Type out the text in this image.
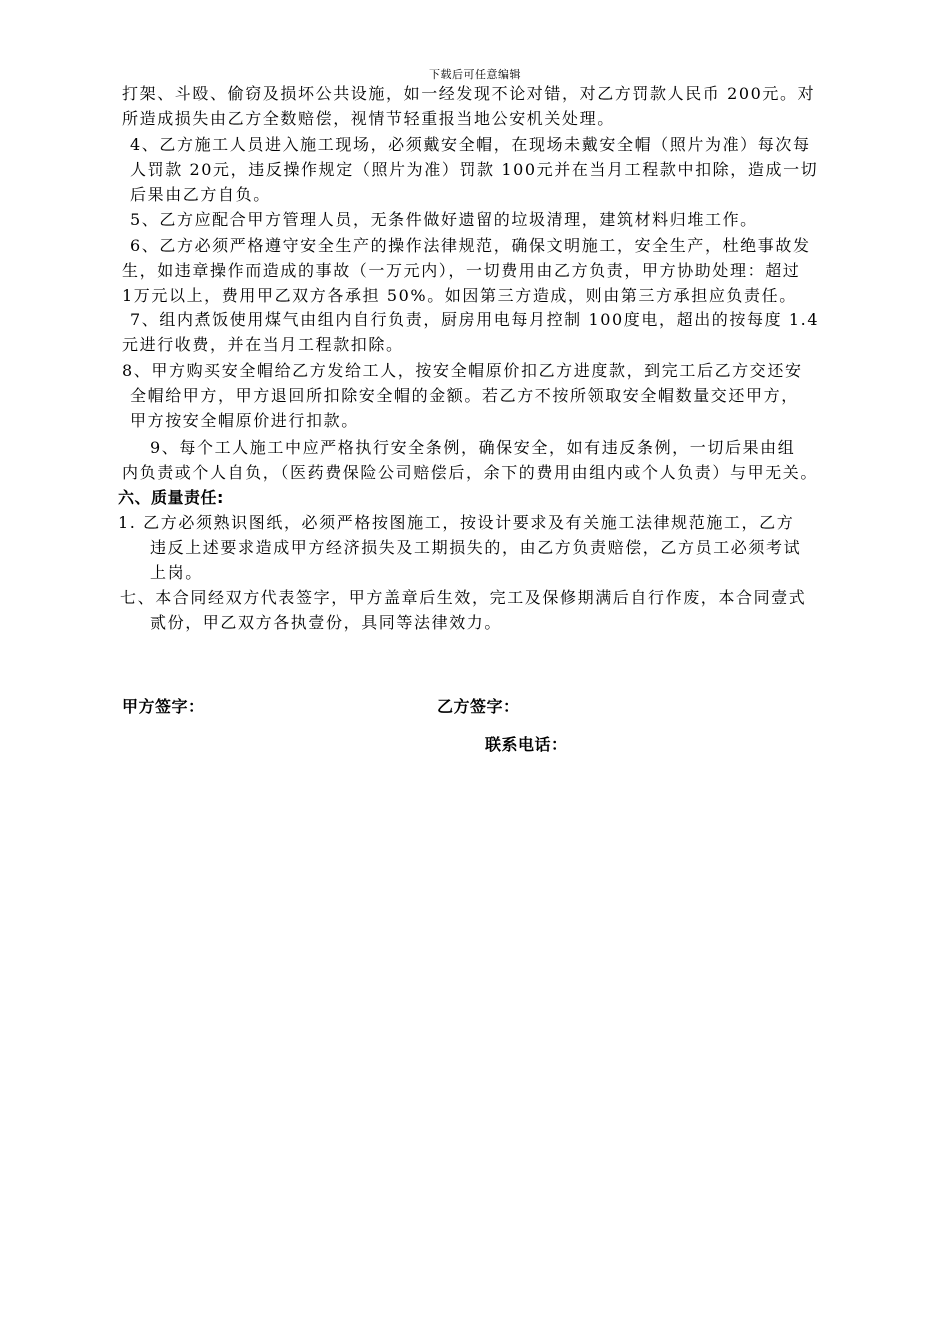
下载后可任意编辑
打架、斗殴、偷窃及损坏公共设施，如一经发现不论对错，对乙方罚款人民币 200元。对
所造成损失由乙方全数赔偿，视情节轻重报当地公安机关处理。
4、乙方施工人员进入施工现场，必须戴安全帽，在现场未戴安全帽（照片为准）每次每
人罚款 20元，违反操作规定（照片为准）罚款 100元并在当月工程款中扣除，造成一切
后果由乙方自负。
5、乙方应配合甲方管理人员，无条件做好遗留的垃圾清理，建筑材料归堆工作。
6、乙方必须严格遵守安全生产的操作法律规范，确保文明施工，安全生产，杜绝事故发
生，如违章操作而造成的事故（一万元内），一切费用由乙方负责，甲方协助处理：超过
1万元以上，费用甲乙双方各承担 50%。如因第三方造成，则由第三方承担应负责任。
7、组内煮饭使用煤气由组内自行负责，厨房用电每月控制 100度电，超出的按每度 1.4
元进行收费，并在当月工程款扣除。
8、甲方购买安全帽给乙方发给工人，按安全帽原价扣乙方进度款，到完工后乙方交还安
全帽给甲方，甲方退回所扣除安全帽的金额。若乙方不按所领取安全帽数量交还甲方，
甲方按安全帽原价进行扣款。
9、每个工人施工中应严格执行安全条例，确保安全，如有违反条例，一切后果由组
内负责或个人自负，（医药费保险公司赔偿后，余下的费用由组内或个人负责）与甲无关。
六、质量责任:
1. 乙方必须熟识图纸，必须严格按图施工，按设计要求及有关施工法律规范施工，乙方
违反上述要求造成甲方经济损失及工期损失的，由乙方负责赔偿，乙方员工必须考试
上岗。
七、本合同经双方代表签字，甲方盖章后生效，完工及保修期满后自行作废，本合同壹式
贰份，甲乙双方各执壹份，具同等法律效力。
甲方签字：	乙方签字：
联系电话：
